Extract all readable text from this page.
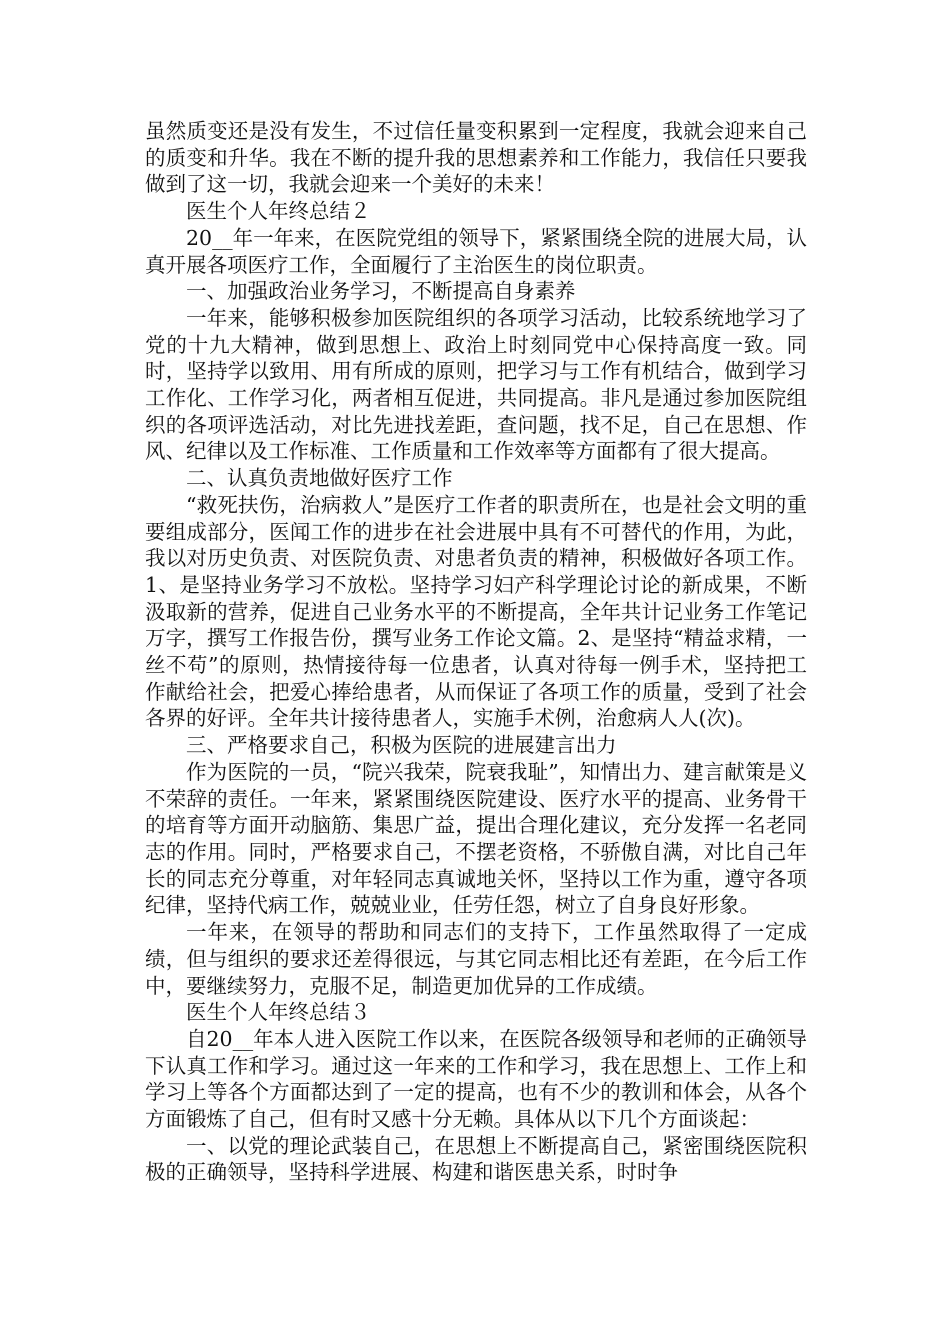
虽然质变还是没有发生，不过信任量变积累到一定程度，我就会迎来自己的质变和升华。我在不断的提升我的思想素养和工作能力，我信任只要我做到了这一切，我就会迎来一个美好的未来！

医生个人年终总结２

20__年一年来，在医院党组的领导下，紧紧围绕全院的进展大局，认真开展各项医疗工作，全面履行了主治医生的岗位职责。

一、加强政治业务学习，不断提高自身素养

一年来，能够积极参加医院组织的各项学习活动，比较系统地学习了党的十九大精神，做到思想上、政治上时刻同党中心保持高度一致。同时，坚持学以致用、用有所成的原则，把学习与工作有机结合，做到学习工作化、工作学习化，两者相互促进，共同提高。非凡是通过参加医院组织的各项评选活动，对比先进找差距，查问题，找不足，自己在思想、作风、纪律以及工作标准、工作质量和工作效率等方面都有了很大提高。

二、认真负责地做好医疗工作

“救死扶伤，治病救人”是医疗工作者的职责所在，也是社会文明的重要组成部分，医闻工作的进步在社会进展中具有不可替代的作用，为此，我以对历史负责、对医院负责、对患者负责的精神，积极做好各项工作。1、是坚持业务学习不放松。坚持学习妇产科学理论讨论的新成果，不断汲取新的营养，促进自己业务水平的不断提高，全年共计记业务工作笔记万字，撰写工作报告份，撰写业务工作论文篇。2、是坚持“精益求精，一丝不苟”的原则，热情接待每一位患者，认真对待每一例手术，坚持把工作献给社会，把爱心捧给患者，从而保证了各项工作的质量，受到了社会各界的好评。全年共计接待患者人，实施手术例，治愈病人人(次)。

三、严格要求自己，积极为医院的进展建言出力

作为医院的一员，“院兴我荣，院衰我耻”，知情出力、建言献策是义不荣辞的责任。一年来，紧紧围绕医院建设、医疗水平的提高、业务骨干的培育等方面开动脑筋、集思广益，提出合理化建议，充分发挥一名老同志的作用。同时，严格要求自己，不摆老资格，不骄傲自满，对比自己年长的同志充分尊重，对年轻同志真诚地关怀，坚持以工作为重，遵守各项纪律，坚持代病工作，兢兢业业，任劳任怨，树立了自身良好形象。

一年来，在领导的帮助和同志们的支持下，工作虽然取得了一定成绩，但与组织的要求还差得很远，与其它同志相比还有差距，在今后工作中，要继续努力，克服不足，制造更加优异的工作成绩。

医生个人年终总结３

自20__年本人进入医院工作以来，在医院各级领导和老师的正确领导下认真工作和学习。通过这一年来的工作和学习，我在思想上、工作上和学习上等各个方面都达到了一定的提高，也有不少的教训和体会，从各个方面锻炼了自己，但有时又感十分无赖。具体从以下几个方面谈起：

一、以党的理论武装自己，在思想上不断提高自己，紧密围绕医院积极的正确领导，坚持科学进展、构建和谐医患关系，时时争
